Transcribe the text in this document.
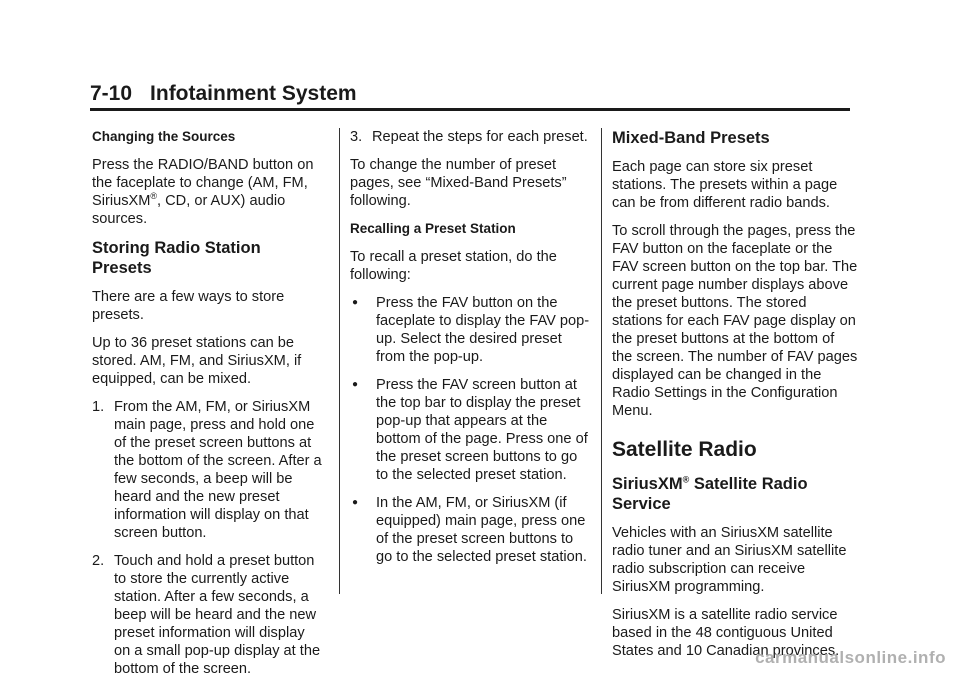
7-10 Infotainment System
Changing the Sources

Press the RADIO/BAND button on the faceplate to change (AM, FM, SiriusXM®, CD, or AUX) audio sources.

Storing Radio Station Presets

There are a few ways to store presets.

Up to 36 preset stations can be stored. AM, FM, and SiriusXM, if equipped, can be mixed.

1. From the AM, FM, or SiriusXM main page, press and hold one of the preset screen buttons at the bottom of the screen. After a few seconds, a beep will be heard and the new preset information will display on that screen button.
2. Touch and hold a preset button to store the currently active station. After a few seconds, a beep will be heard and the new preset information will display on a small pop-up display at the bottom of the screen.
3. Repeat the steps for each preset.

To change the number of preset pages, see “Mixed-Band Presets” following.

Recalling a Preset Station

To recall a preset station, do the following:

● Press the FAV button on the faceplate to display the FAV pop-up. Select the desired preset from the pop-up.
● Press the FAV screen button at the top bar to display the preset pop-up that appears at the bottom of the page. Press one of the preset screen buttons to go to the selected preset station.
● In the AM, FM, or SiriusXM (if equipped) main page, press one of the preset screen buttons to go to the selected preset station.
Mixed-Band Presets

Each page can store six preset stations. The presets within a page can be from different radio bands.

To scroll through the pages, press the FAV button on the faceplate or the FAV screen button on the top bar. The current page number displays above the preset buttons. The stored stations for each FAV page display on the preset buttons at the bottom of the screen. The number of FAV pages displayed can be changed in the Radio Settings in the Configuration Menu.

Satellite Radio
SiriusXM® Satellite Radio Service

Vehicles with an SiriusXM satellite radio tuner and an SiriusXM satellite radio subscription can receive SiriusXM programming.

SiriusXM is a satellite radio service based in the 48 contiguous United States and 10 Canadian provinces.

carmanualsonline.info
